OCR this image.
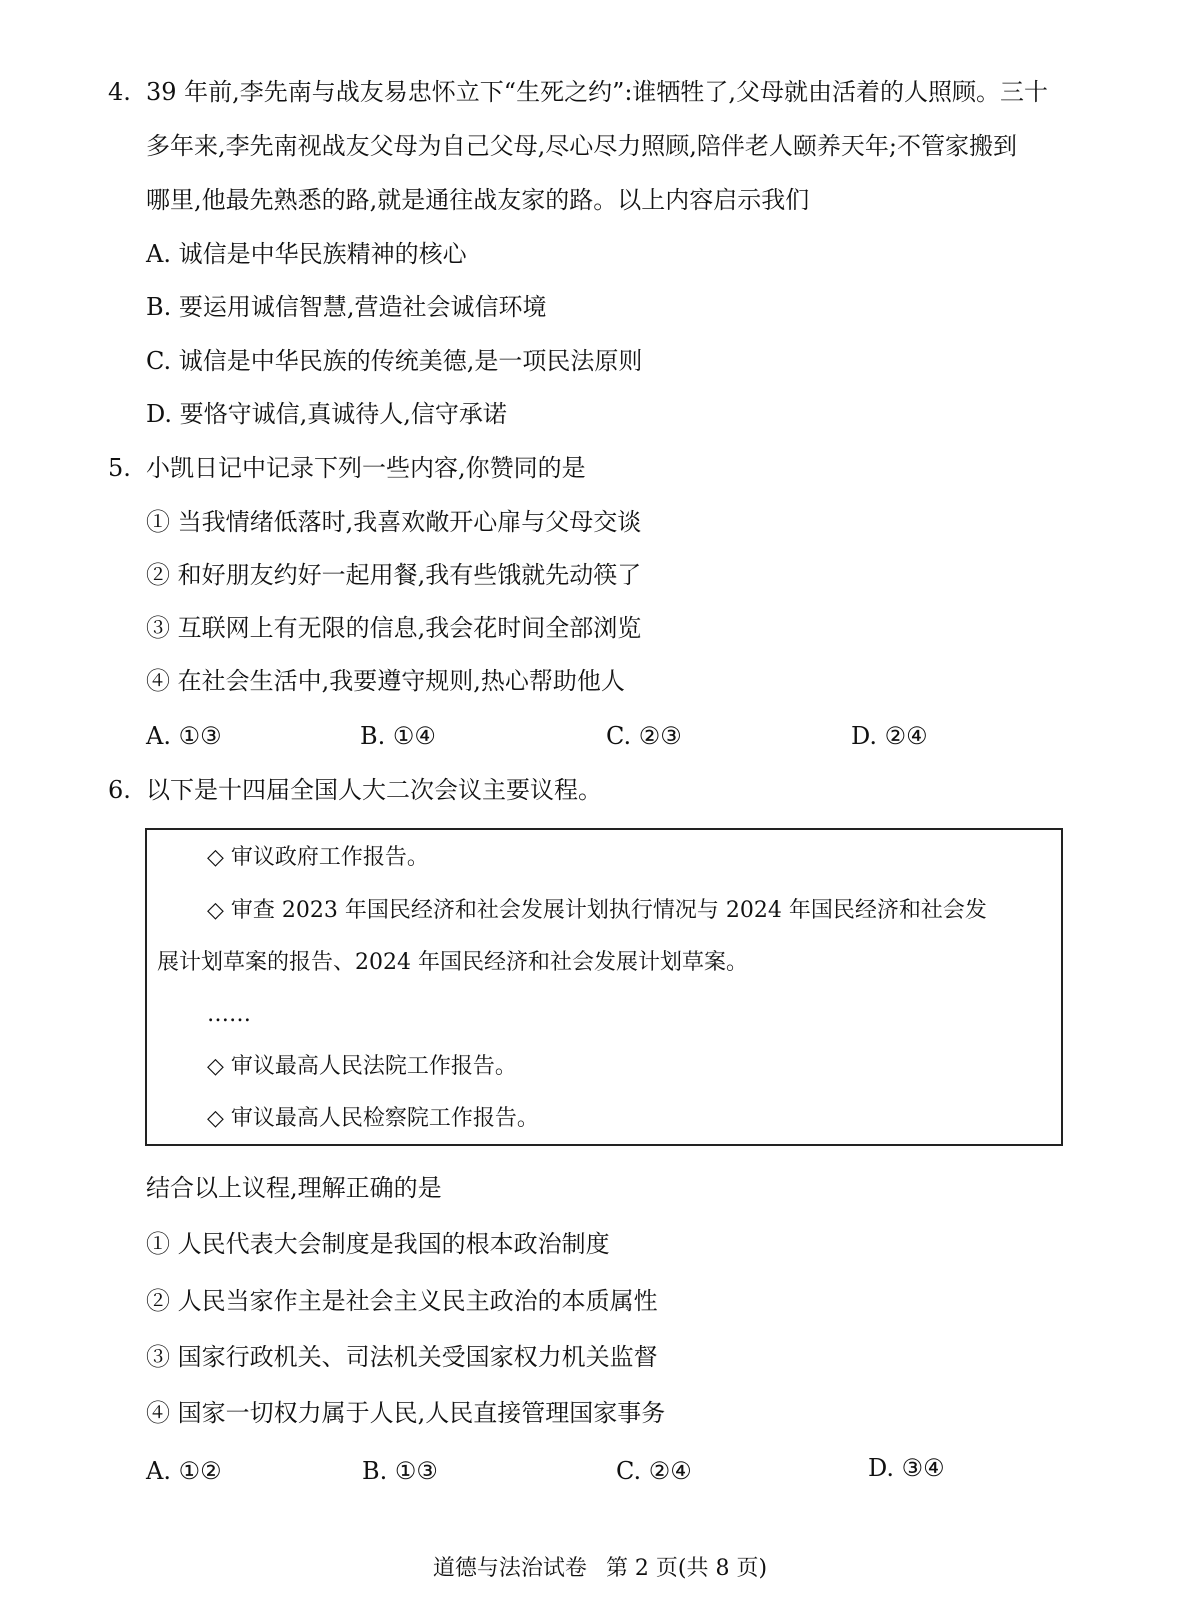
4. 39 年前,李先南与战友易忠怀立下“生死之约”:谁牺牲了,父母就由活着的人照顾。三十
多年来,李先南视战友父母为自己父母,尽心尽力照顾,陪伴老人颐养天年;不管家搬到
哪里,他最先熟悉的路,就是通往战友家的路。以上内容启示我们
A. 诚信是中华民族精神的核心
B. 要运用诚信智慧,营造社会诚信环境
C. 诚信是中华民族的传统美德,是一项民法原则
D. 要恪守诚信,真诚待人,信守承诺
5. 小凯日记中记录下列一些内容,你赞同的是
① 当我情绪低落时,我喜欢敞开心扉与父母交谈
② 和好朋友约好一起用餐,我有些饿就先动筷了
③ 互联网上有无限的信息,我会花时间全部浏览
④ 在社会生活中,我要遵守规则,热心帮助他人
A. ①③	B. ①④	C. ②③	D. ②④
6. 以下是十四届全国人大二次会议主要议程。
◇ 审议政府工作报告。
◇ 审查 2023 年国民经济和社会发展计划执行情况与 2024 年国民经济和社会发
展计划草案的报告、2024 年国民经济和社会发展计划草案。
……
◇ 审议最高人民法院工作报告。
◇ 审议最高人民检察院工作报告。
结合以上议程,理解正确的是
① 人民代表大会制度是我国的根本政治制度
② 人民当家作主是社会主义民主政治的本质属性
③ 国家行政机关、司法机关受国家权力机关监督
④ 国家一切权力属于人民,人民直接管理国家事务
A. ①②	B. ①③	C. ②④	D. ③④
道德与法治试卷 第 2 页(共 8 页)
